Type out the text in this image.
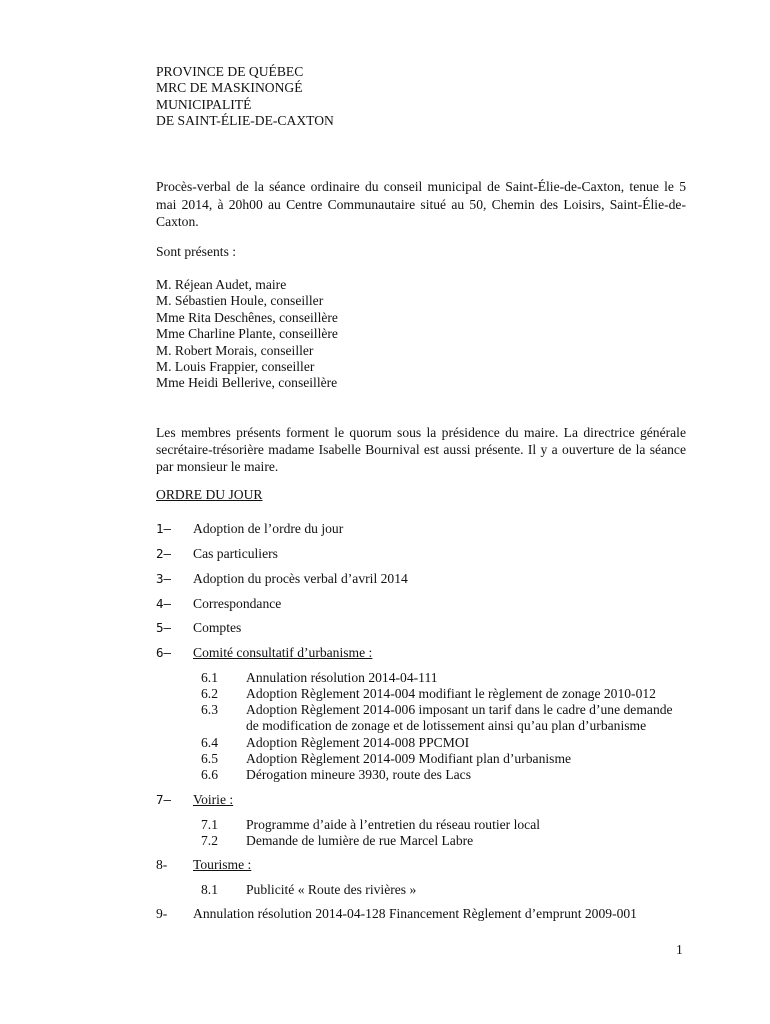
PROVINCE DE QUÉBEC
MRC DE MASKINONGÉ
MUNICIPALITÉ
DE SAINT-ÉLIE-DE-CAXTON
Procès-verbal de la séance ordinaire du conseil municipal de Saint-Élie-de-Caxton, tenue le 5 mai 2014, à 20h00 au Centre Communautaire situé au 50, Chemin des Loisirs, Saint-Élie-de-Caxton.
Sont présents :
M. Réjean Audet, maire
M. Sébastien Houle, conseiller
Mme Rita Deschênes, conseillère
Mme Charline Plante, conseillère
M. Robert Morais, conseiller
M. Louis Frappier, conseiller
Mme Heidi Bellerive, conseillère
Les membres présents forment le quorum sous la présidence du maire. La directrice générale secrétaire-trésorière madame Isabelle Bournival est aussi présente. Il y a ouverture de la séance par monsieur le maire.
ORDRE DU JOUR
1– Adoption de l’ordre du jour
2– Cas particuliers
3– Adoption du procès verbal d’avril 2014
4– Correspondance
5– Comptes
6– Comité consultatif d’urbanisme :
6.1 Annulation résolution 2014-04-111
6.2 Adoption Règlement 2014-004 modifiant le règlement de zonage 2010-012
6.3 Adoption Règlement 2014-006 imposant un tarif dans le cadre d’une demande
de modification de zonage et de lotissement ainsi qu’au plan d’urbanisme
6.4 Adoption Règlement 2014-008 PPCMOI
6.5 Adoption Règlement 2014-009 Modifiant plan d’urbanisme
6.6 Dérogation mineure 3930, route des Lacs
7– Voirie :
7.1 Programme d’aide à l’entretien du réseau routier local
7.2 Demande de lumière de rue Marcel Labre
8- Tourisme :
8.1 Publicité « Route des rivières »
9- Annulation résolution 2014-04-128 Financement Règlement d’emprunt 2009-001
1
